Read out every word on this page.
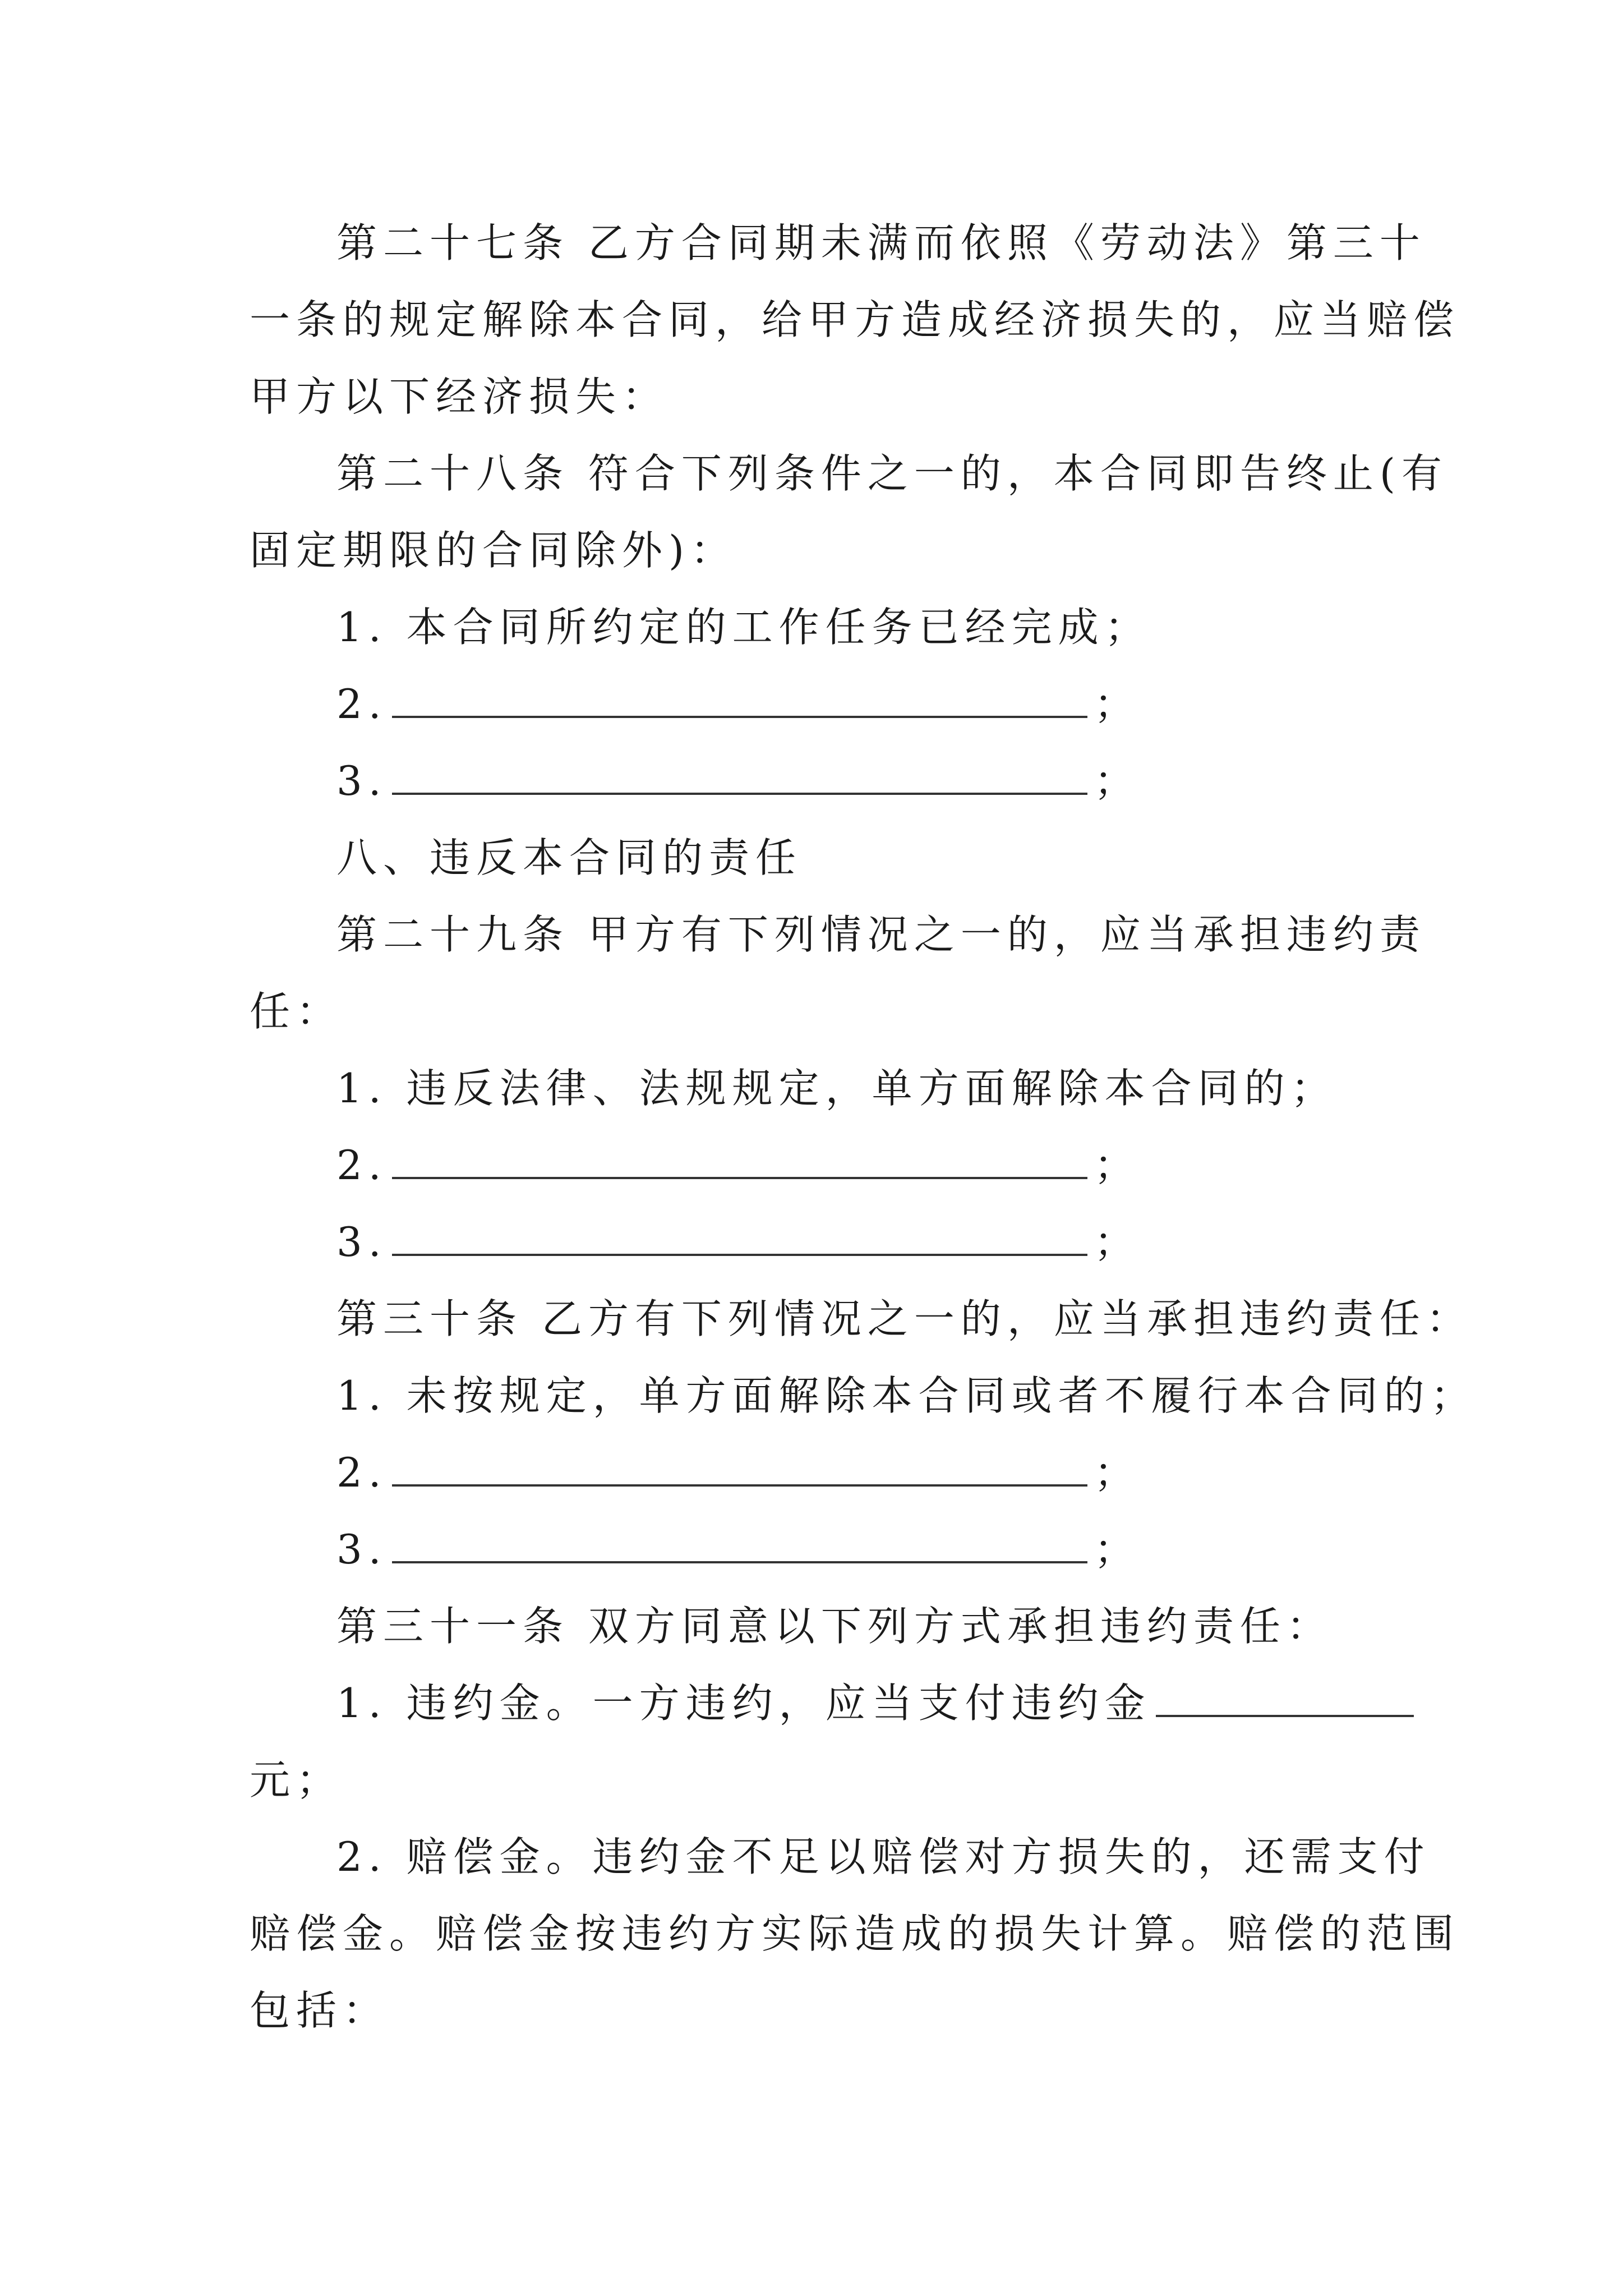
第二十七条 乙方合同期未满而依照《劳动法》第三十
一条的规定解除本合同，给甲方造成经济损失的，应当赔偿
甲方以下经济损失：
第二十八条 符合下列条件之一的，本合同即告终止(有
固定期限的合同除外)：
1. 本合同所约定的工作任务已经完成；
2.	；
3.	；
八、违反本合同的责任
第二十九条 甲方有下列情况之一的，应当承担违约责
任：
1. 违反法律、法规规定，单方面解除本合同的；
2.	；
3.	；
第三十条 乙方有下列情况之一的，应当承担违约责任：
1. 未按规定，单方面解除本合同或者不履行本合同的；
2.	；
3.	；
第三十一条 双方同意以下列方式承担违约责任：
1. 违约金。一方违约，应当支付违约金
元；
2. 赔偿金。违约金不足以赔偿对方损失的，还需支付
赔偿金。赔偿金按违约方实际造成的损失计算。赔偿的范围
包括：
